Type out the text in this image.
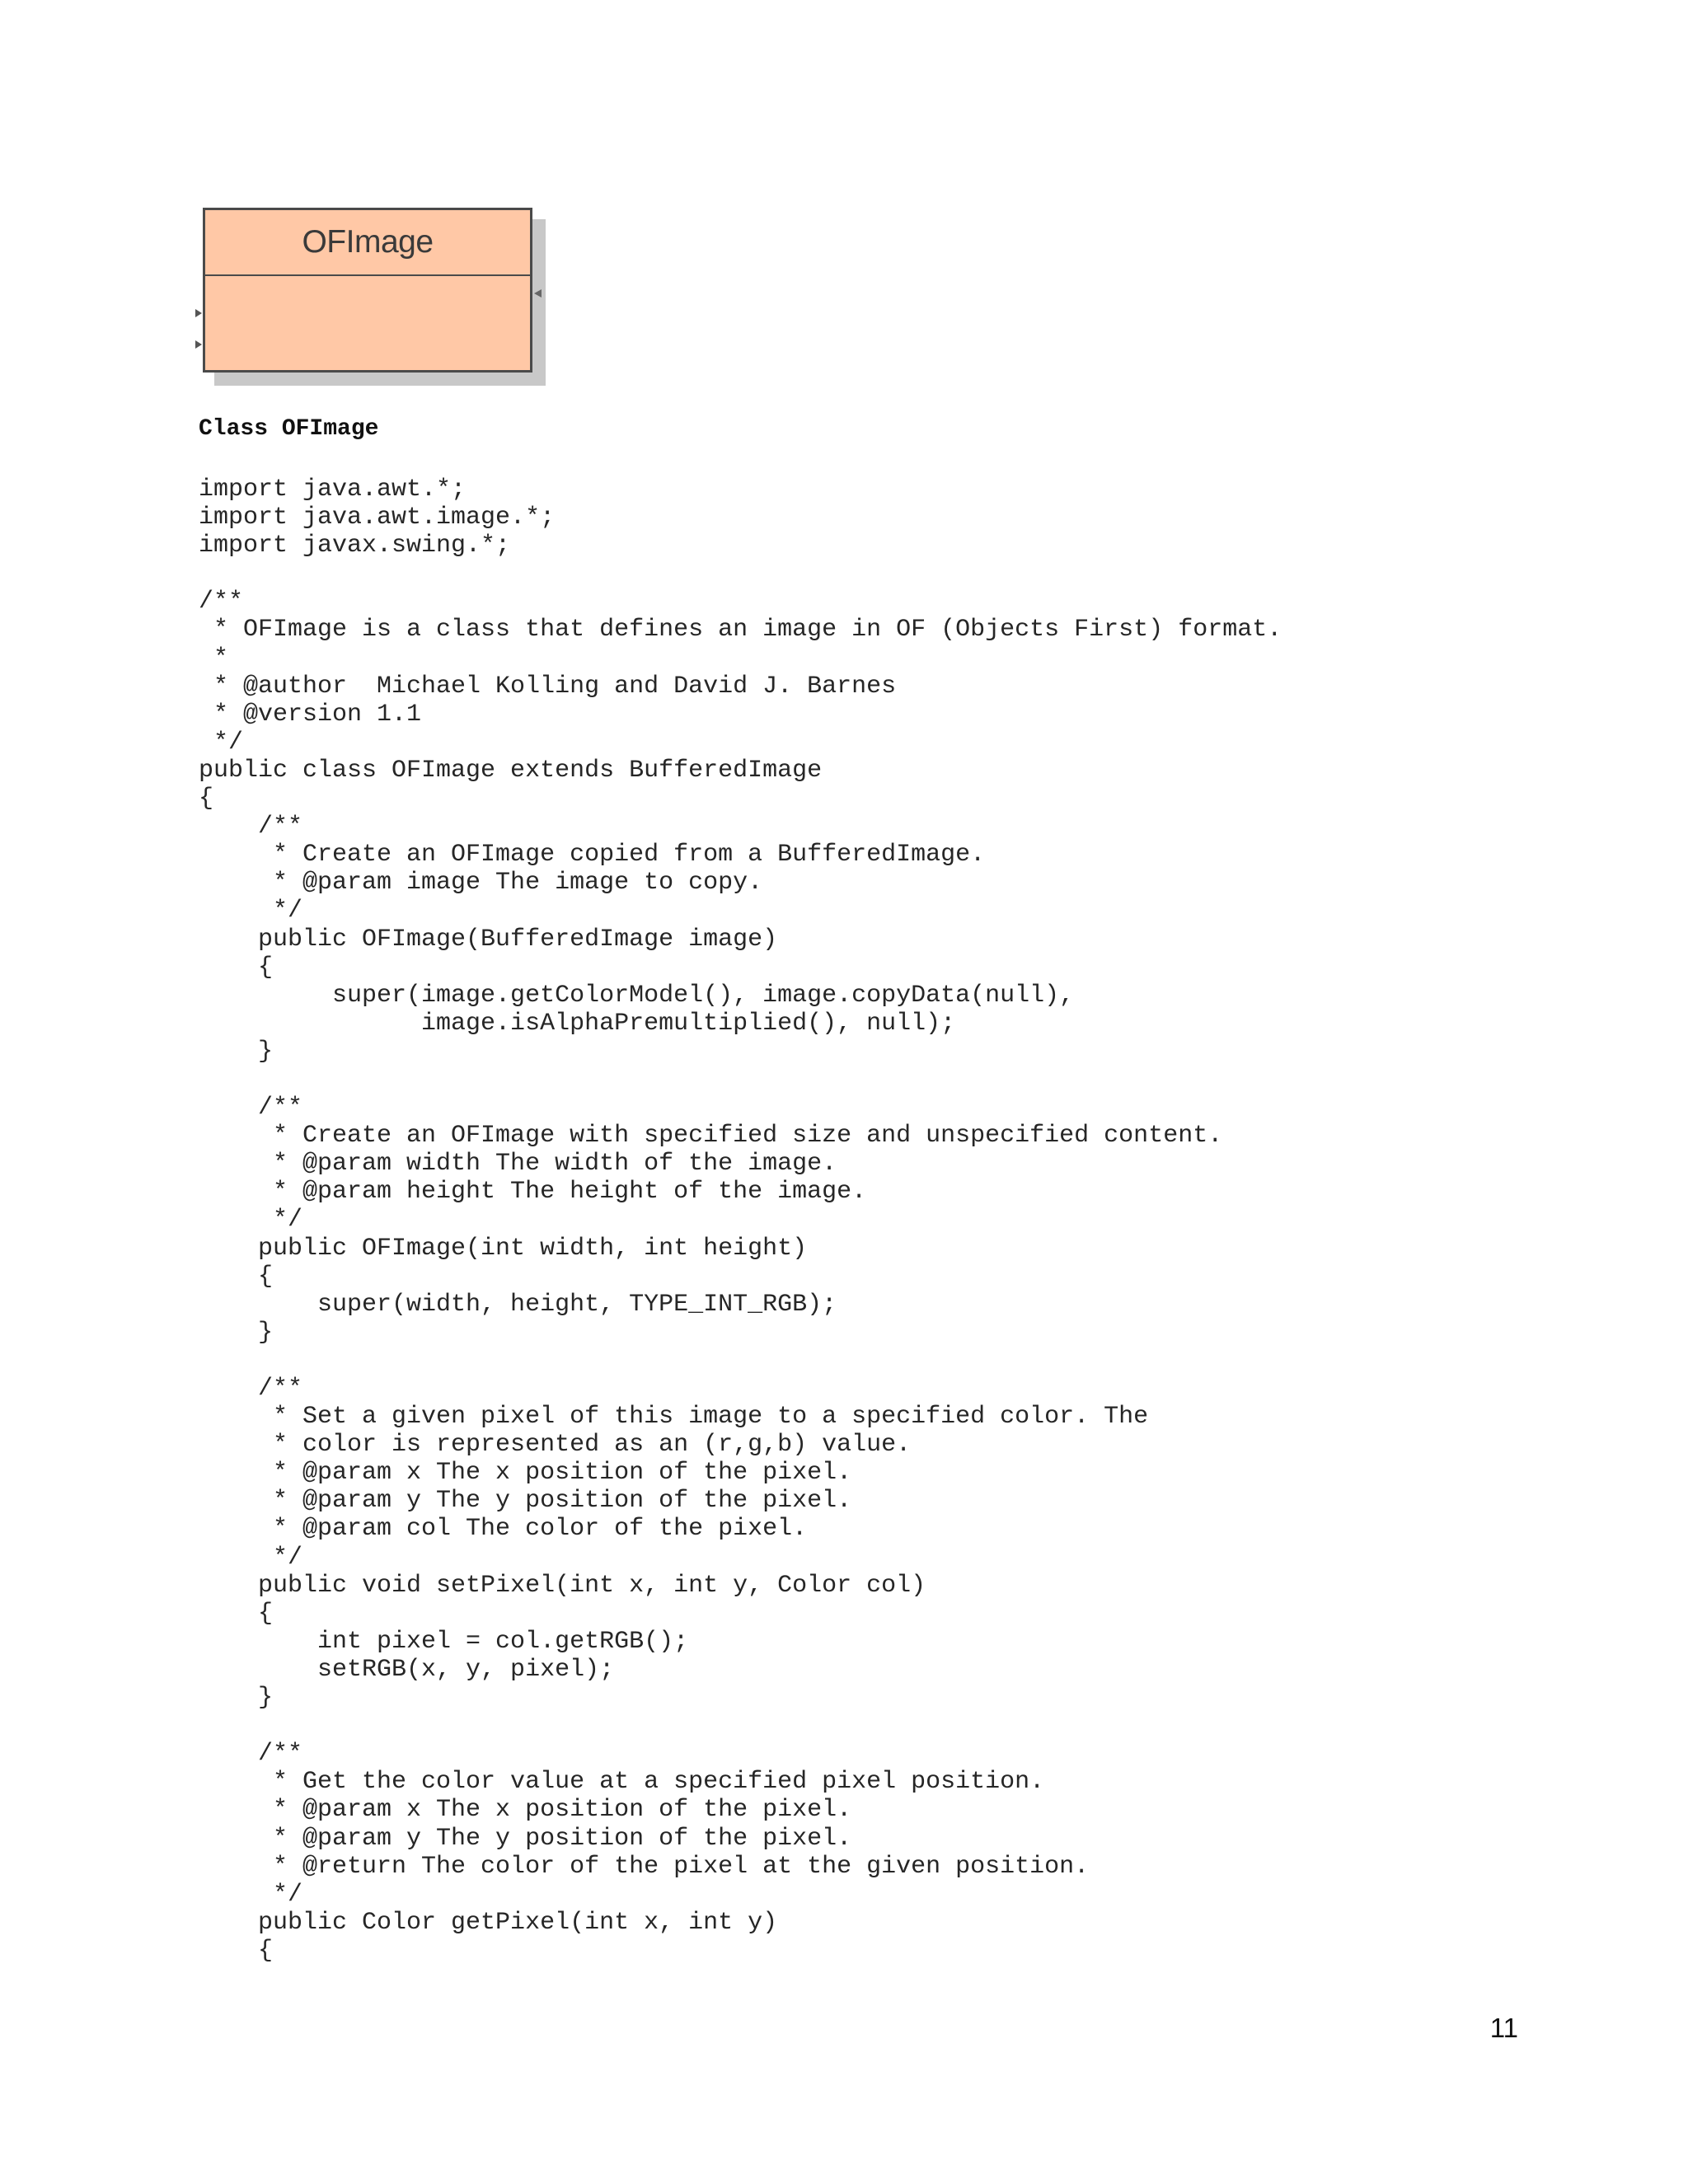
OFImage
Class OFImage
import java.awt.*;
import java.awt.image.*;
import javax.swing.*;
/**
* OFImage is a class that defines an image in OF (Objects First) format.
*
* @author  Michael Kolling and David J. Barnes
* @version 1.1
*/
public class OFImage extends BufferedImage
{
/**
* Create an OFImage copied from a BufferedImage.
* @param image The image to copy.
*/
public OFImage(BufferedImage image)
{
super(image.getColorModel(), image.copyData(null),
image.isAlphaPremultiplied(), null);
}
/**
* Create an OFImage with specified size and unspecified content.
* @param width The width of the image.
* @param height The height of the image.
*/
public OFImage(int width, int height)
{
super(width, height, TYPE_INT_RGB);
}
/**
* Set a given pixel of this image to a specified color. The
* color is represented as an (r,g,b) value.
* @param x The x position of the pixel.
* @param y The y position of the pixel.
* @param col The color of the pixel.
*/
public void setPixel(int x, int y, Color col)
{
int pixel = col.getRGB();
setRGB(x, y, pixel);
}
/**
* Get the color value at a specified pixel position.
* @param x The x position of the pixel.
* @param y The y position of the pixel.
* @return The color of the pixel at the given position.
*/
public Color getPixel(int x, int y)
{
11
